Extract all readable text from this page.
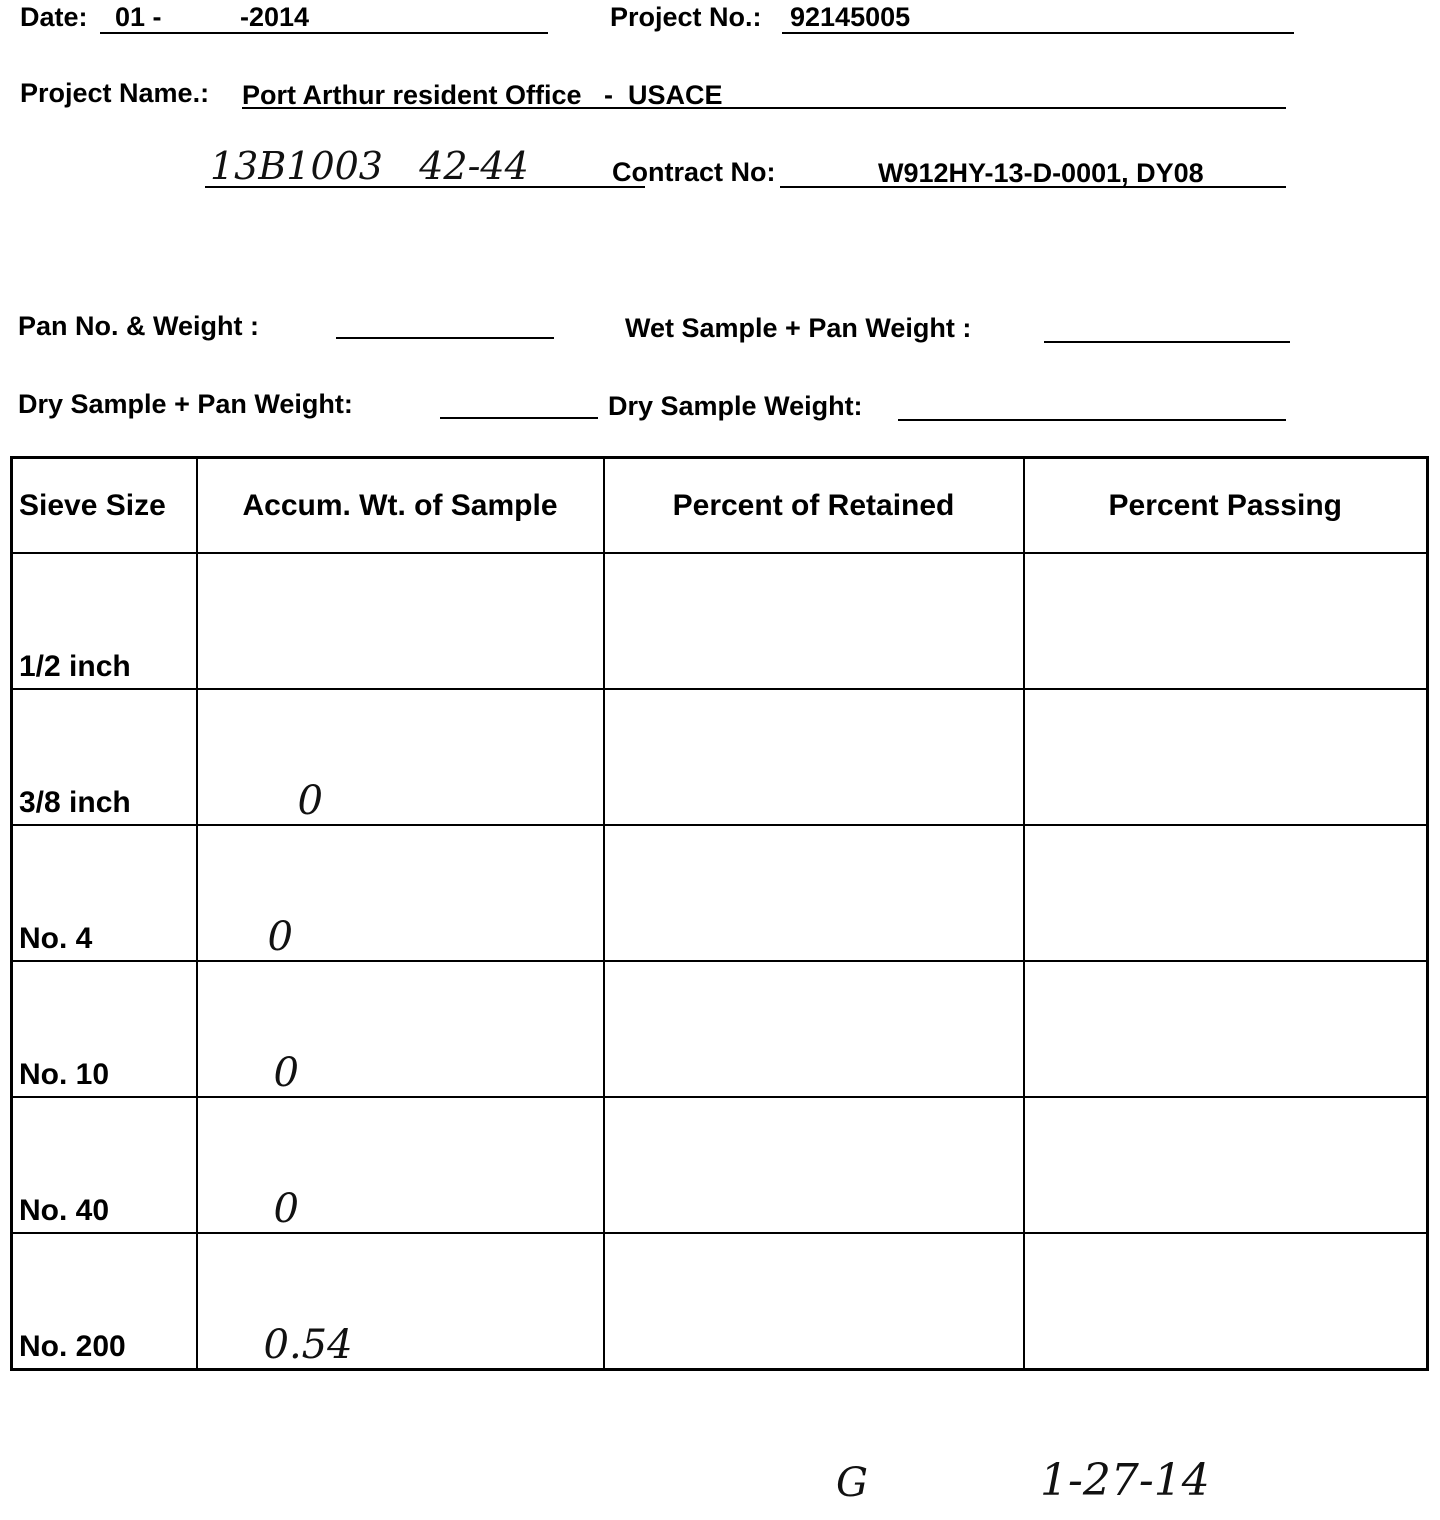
Date: 01 -	-2014	Project No.: 92145005
Project Name.: Port Arthur resident Office   -  USACE
13B1003   42-44	Contract No:	W912HY-13-D-0001, DY08
Pan No. & Weight :	Wet Sample + Pan Weight :
Dry Sample + Pan Weight:	Dry Sample Weight:
Sieve Size	Accum. Wt. of Sample	Percent of Retained	Percent Passing
1/2 inch			
3/8 inch	0		
No. 4	0		
No. 10	0		
No. 40	0		
No. 200	0.54		
G	1-27-14
